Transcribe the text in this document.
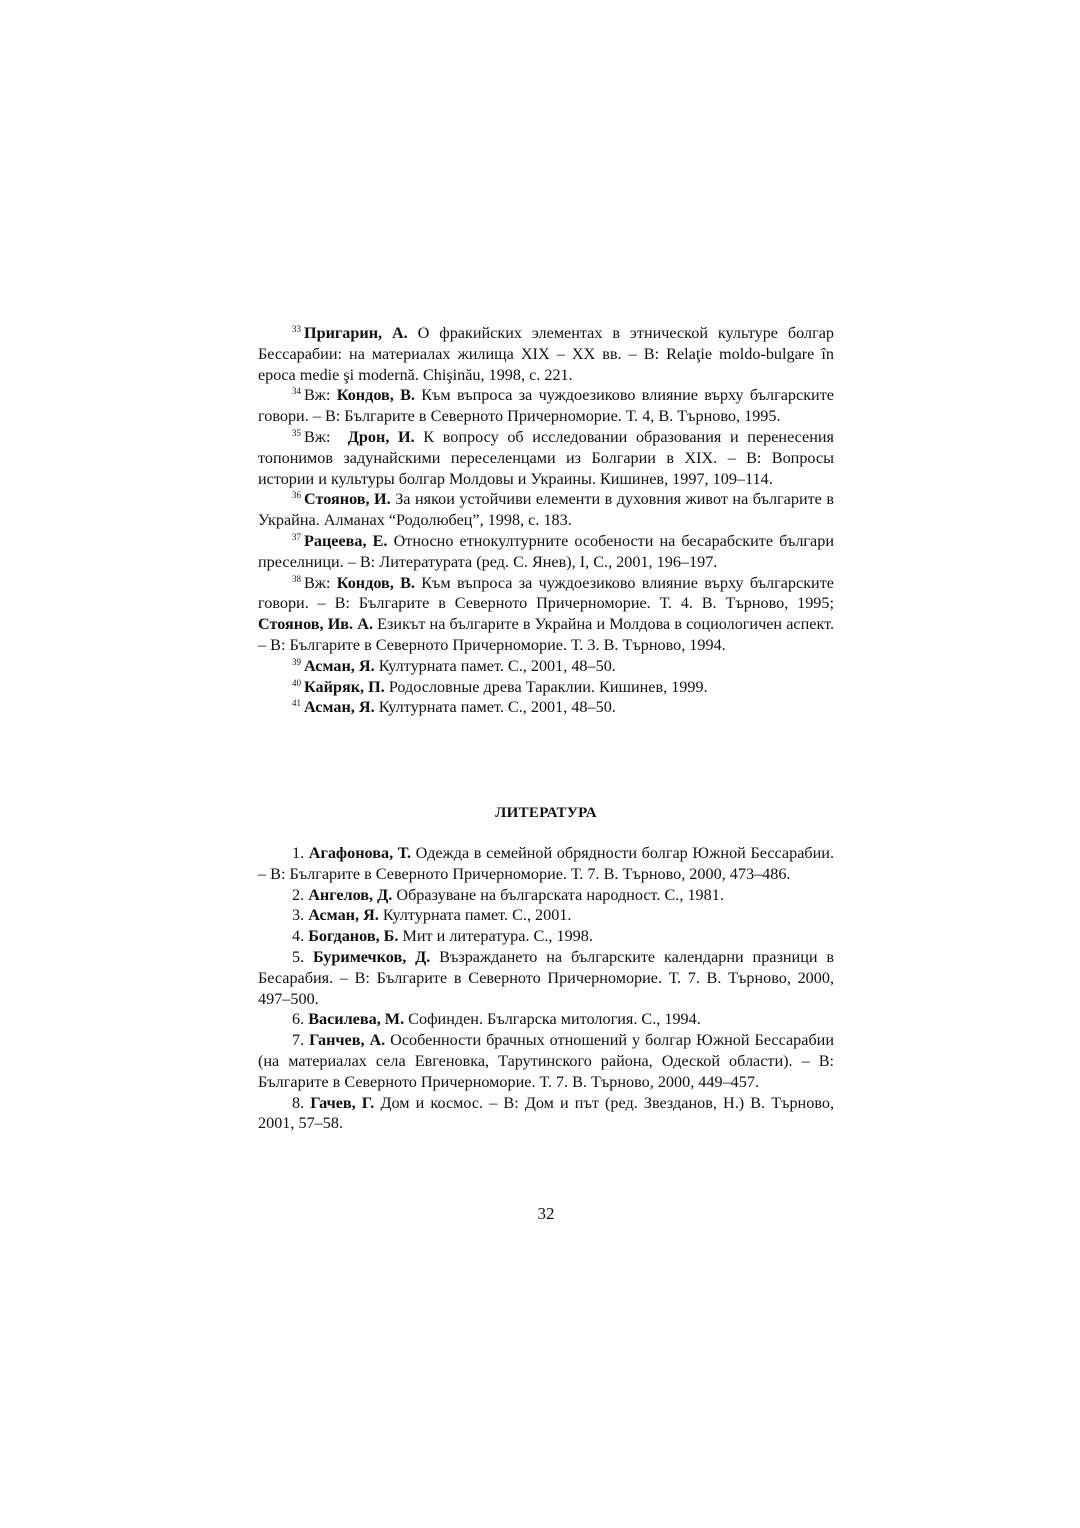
$^{33}$ Пригарин, А. О фракийских элементах в этнической культуре болгар Бессарабии: на материалах жилища XIX – XX вв. – В: Relaţie moldo-bulgare în epoca medie şi modernă. Chişinău, 1998, с. 221.

$^{34}$ Вж: Кондов, В. Към въпроса за чуждоезиково влияние върху българските говори. – В: Българите в Северното Причерноморие. Т. 4, В. Търново, 1995.

$^{35}$ Вж:  Дрон, И. К вопросу об исследовании образования и перенесения топонимов задунайскими переселенцами из Болгарии в XIX. – В: Вопросы истории и культуры болгар Молдовы и Украины. Кишинев, 1997, 109–114.

$^{36}$ Стоянов, И. За някои устойчиви елементи в духовния живот на българите в Украйна. Алманах “Родолюбец”, 1998, с. 183.

$^{37}$ Рацеева, Е. Относно етнокултурните особености на бесарабските българи преселници. – В: Литературата (ред. С. Янев), I, С., 2001, 196–197.

$^{38}$ Вж: Кондов, В. Към въпроса за чуждоезиково влияние върху българските говори. – В: Българите в Северното Причерноморие. Т. 4. В. Търново, 1995; Стоянов, Ив. А. Езикът на българите в Украйна и Молдова в социологичен аспект. – В: Българите в Северното Причерноморие. Т. 3. В. Търново, 1994.

$^{39}$ Асман, Я. Културната памет. С., 2001, 48–50.

$^{40}$ Кайряк, П. Родословные древа Тараклии. Кишинев, 1999.

$^{41}$ Асман, Я. Културната памет. С., 2001, 48–50.

ЛИТЕРАТУРА

1. Агафонова, Т. Одежда в семейной обрядности болгар Южной Бессарабии. – В: Българите в Северното Причерноморие. Т. 7. В. Търново, 2000, 473–486.

2. Ангелов, Д. Образуване на българската народност. С., 1981.

3. Асман, Я. Културната памет. С., 2001.

4. Богданов, Б. Мит и литература. С., 1998.

5. Буримечков, Д. Възраждането на българските календарни празници в Бесарабия. – В: Българите в Северното Причерноморие. Т. 7. В. Търново, 2000, 497–500.

6. Василева, М. Софинден. Българска митология. С., 1994.

7. Ганчев, А. Особенности брачных отношений у болгар Южной Бессарабии (на материалах села Евгеновка, Тарутинского района, Одеской области). – В: Българите в Северното Причерноморие. Т. 7. В. Търново, 2000, 449–457.

8. Гачев, Г. Дом и космос. – В: Дом и път (ред. Звезданов, Н.) В. Търново, 2001, 57–58.

32
